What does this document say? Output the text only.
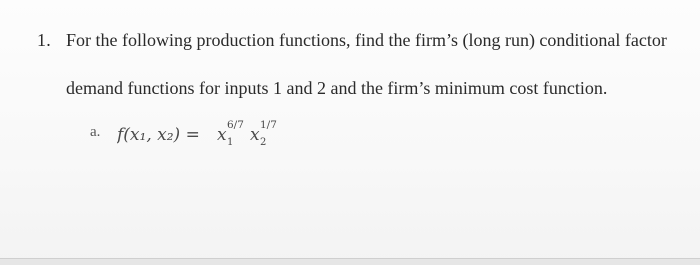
1. For the following production functions, find the firm’s (long run) conditional factor
demand functions for inputs 1 and 2 and the firm’s minimum cost function.
a. f(x₁, x₂) = x 1
6/7 x 2
1/7
